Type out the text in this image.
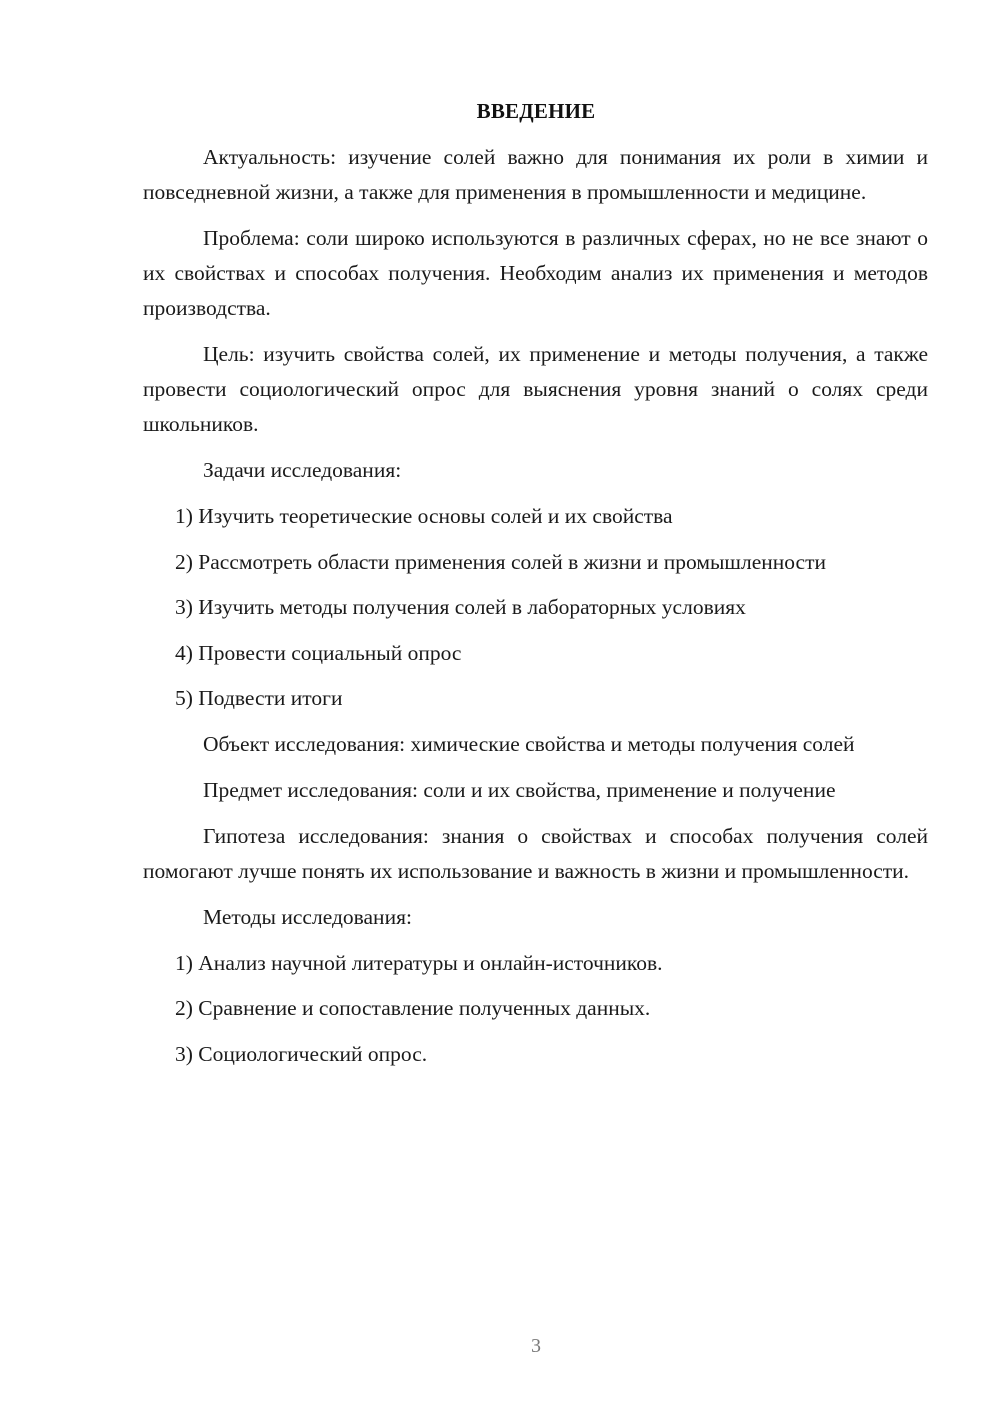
ВВЕДЕНИЕ

Актуальность: изучение солей важно для понимания их роли в химии и повседневной жизни, а также для применения в промышленности и медицине.

Проблема: соли широко используются в различных сферах, но не все знают о их свойствах и способах получения. Необходим анализ их применения и методов производства.

Цель: изучить свойства солей, их применение и методы получения, а также провести социологический опрос для выяснения уровня знаний о солях среди школьников.

Задачи исследования:

1) Изучить теоретические основы солей и их свойства
2) Рассмотреть области применения солей в жизни и промышленности
3) Изучить методы получения солей в лабораторных условиях
4) Провести социальный опрос
5) Подвести итоги

Объект исследования: химические свойства и методы получения солей

Предмет исследования: соли и их свойства, применение и получение

Гипотеза исследования: знания о свойствах и способах получения солей помогают лучше понять их использование и важность в жизни и промышленности.

Методы исследования:

1) Анализ научной литературы и онлайн-источников.
2) Сравнение и сопоставление полученных данных.
3) Социологический опрос.
3
